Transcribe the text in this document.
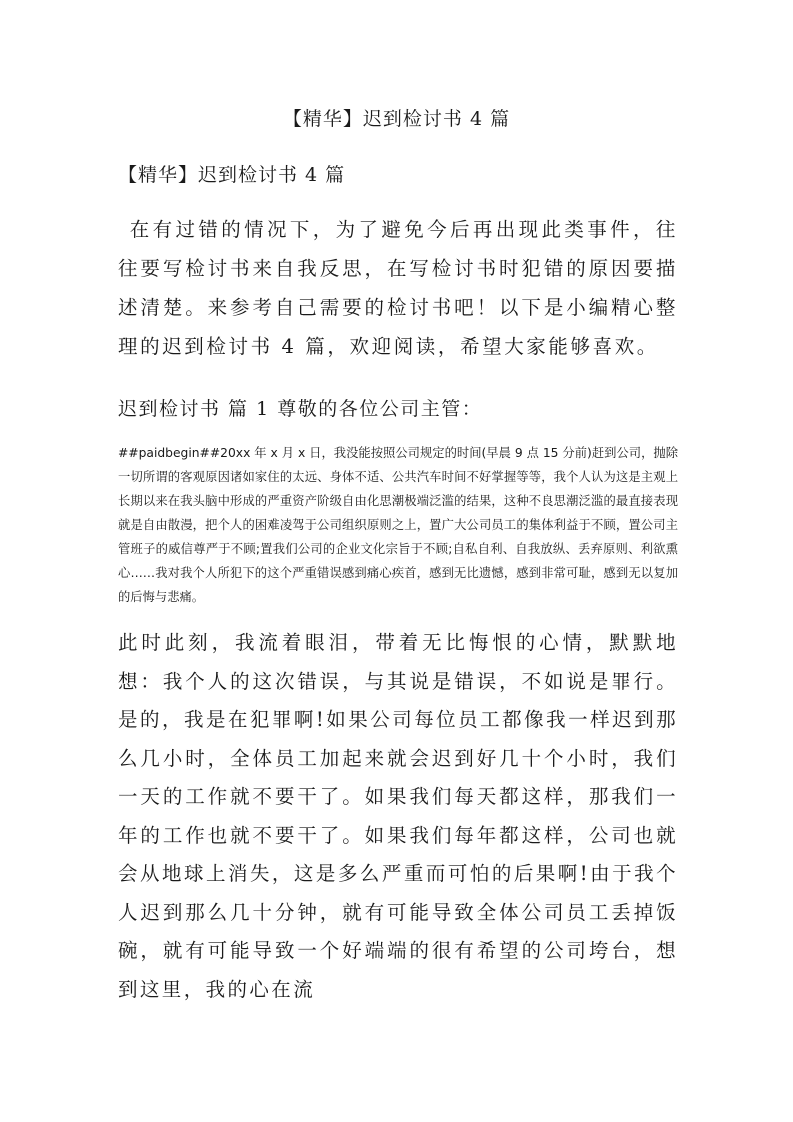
【精华】迟到检讨书 4 篇
【精华】迟到检讨书 4 篇
在有过错的情况下，为了避免今后再出现此类事件，往往要写检讨书来自我反思，在写检讨书时犯错的原因要描述清楚。来参考自己需要的检讨书吧！以下是小编精心整理的迟到检讨书 4 篇，欢迎阅读，希望大家能够喜欢。
迟到检讨书 篇 1 尊敬的各位公司主管：
##paidbegin##20xx 年 x 月 x 日，我没能按照公司规定的时间(早晨 9 点 15 分前)赶到公司，抛除一切所谓的客观原因诸如家住的太远、身体不适、公共汽车时间不好掌握等等，我个人认为这是主观上长期以来在我头脑中形成的严重资产阶级自由化思潮极端泛滥的结果，这种不良思潮泛滥的最直接表现就是自由散漫，把个人的困难凌驾于公司组织原则之上，置广大公司员工的集体利益于不顾，置公司主管班子的威信尊严于不顾;置我们公司的企业文化宗旨于不顾;自私自利、自我放纵、丢弃原则、利欲熏心……我对我个人所犯下的这个严重错误感到痛心疾首，感到无比遗憾，感到非常可耻，感到无以复加的后悔与悲痛。
此时此刻，我流着眼泪，带着无比悔恨的心情，默默地想：我个人的这次错误，与其说是错误，不如说是罪行。是的，我是在犯罪啊!如果公司每位员工都像我一样迟到那么几小时，全体员工加起来就会迟到好几十个小时，我们一天的工作就不要干了。如果我们每天都这样，那我们一年的工作也就不要干了。如果我们每年都这样，公司也就会从地球上消失，这是多么严重而可怕的后果啊!由于我个人迟到那么几十分钟，就有可能导致全体公司员工丢掉饭碗，就有可能导致一个好端端的很有希望的公司垮台，想到这里，我的心在流
